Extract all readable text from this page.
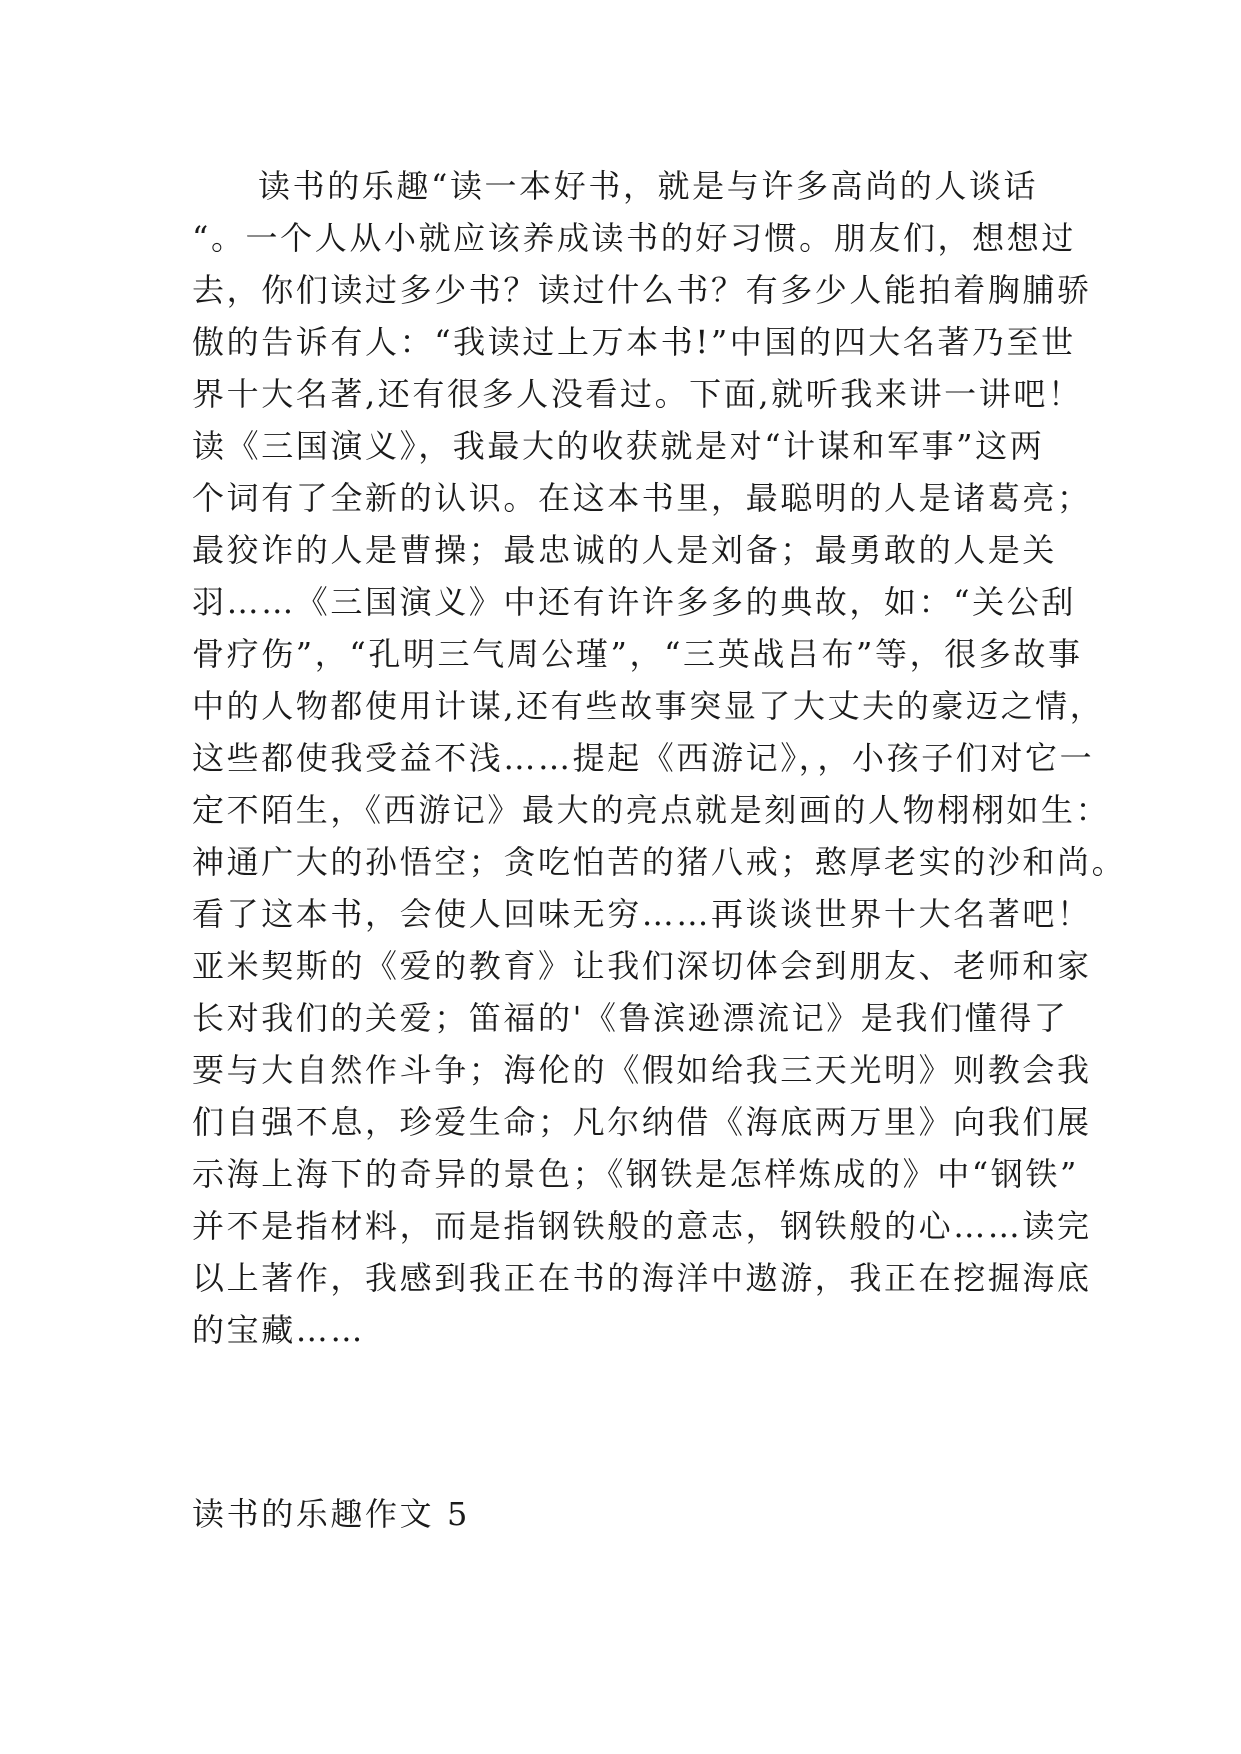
读书的乐趣“读一本好书，就是与许多高尚的人谈话
“。一个人从小就应该养成读书的好习惯。朋友们，想想过
去，你们读过多少书？读过什么书？有多少人能拍着胸脯骄
傲的告诉有人：“我读过上万本书!”中国的四大名著乃至世
界十大名著,还有很多人没看过。下面,就听我来讲一讲吧！
读《三国演义》，我最大的收获就是对“计谋和军事”这两
个词有了全新的认识。在这本书里，最聪明的人是诸葛亮；
最狡诈的人是曹操；最忠诚的人是刘备；最勇敢的人是关
羽……《三国演义》中还有许许多多的典故，如：“关公刮
骨疗伤”，“孔明三气周公瑾”，“三英战吕布”等，很多故事
中的人物都使用计谋,还有些故事突显了大丈夫的豪迈之情，
这些都使我受益不浅……提起《西游记》，，小孩子们对它一
定不陌生，《西游记》最大的亮点就是刻画的人物栩栩如生：
神通广大的孙悟空；贪吃怕苦的猪八戒；憨厚老实的沙和尚。
看了这本书，会使人回味无穷……再谈谈世界十大名著吧！
亚米契斯的《爱的教育》让我们深切体会到朋友、老师和家
长对我们的关爱；笛福的'《鲁滨逊漂流记》是我们懂得了
要与大自然作斗争；海伦的《假如给我三天光明》则教会我
们自强不息，珍爱生命；凡尔纳借《海底两万里》向我们展
示海上海下的奇异的景色；《钢铁是怎样炼成的》中“钢铁”
并不是指材料，而是指钢铁般的意志，钢铁般的心……读完
以上著作，我感到我正在书的海洋中遨游，我正在挖掘海底
的宝藏……
读书的乐趣作文 5
